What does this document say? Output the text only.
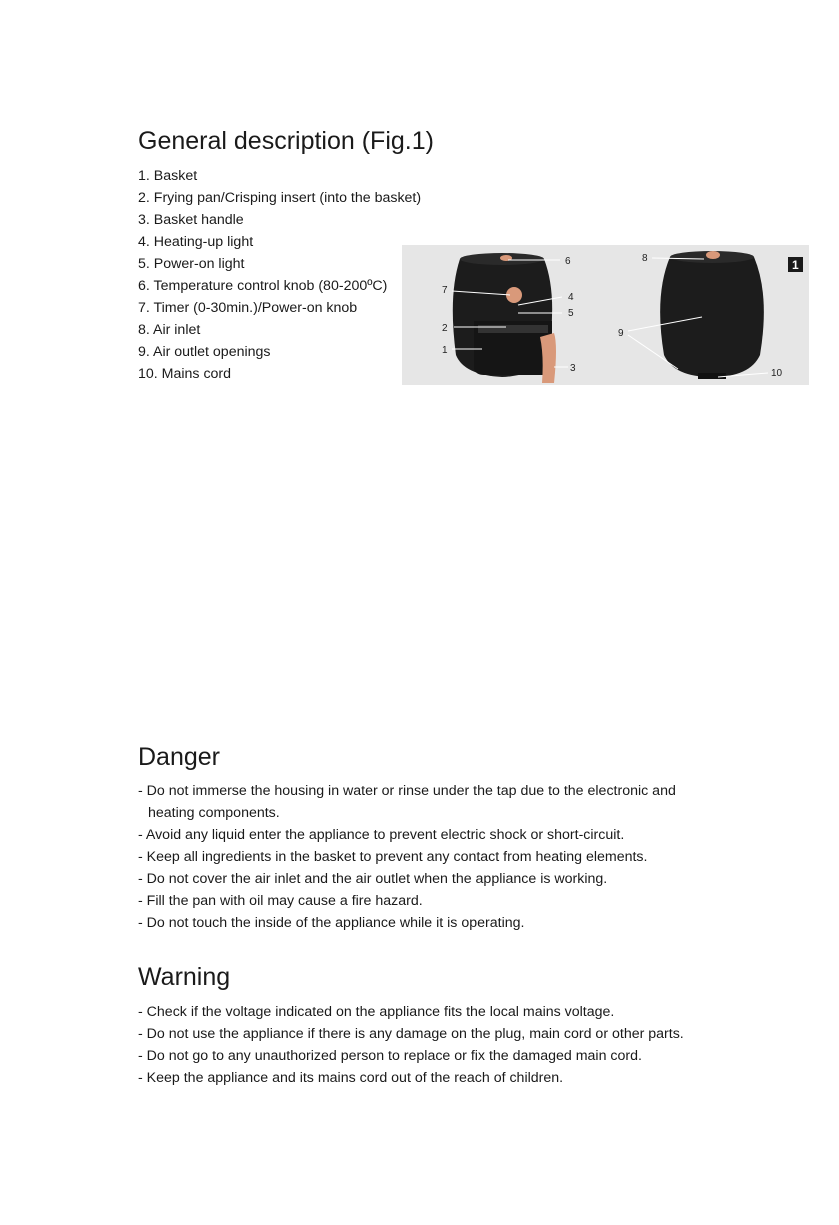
General description (Fig.1)
1. Basket
2. Frying pan/Crisping insert (into the basket)
3. Basket handle
4. Heating-up light
5. Power-on light
6. Temperature control knob (80-200ºC)
7. Timer (0-30min.)/Power-on knob
8. Air inlet
9. Air outlet openings
10. Mains cord
6
7
4
5
2
1
3
8
9
10
1
Danger
- Do not immerse the housing in water or rinse under the tap due to the electronic and
heating components.
- Avoid any liquid enter the appliance to prevent electric shock or short-circuit.
- Keep all ingredients in the basket to prevent any contact from heating elements.
- Do not cover the air inlet and the air outlet when the appliance is working.
- Fill the pan with oil may cause a fire hazard.
- Do not touch the inside of the appliance while it is operating.
Warning
- Check if the voltage indicated on the appliance fits the local mains voltage.
- Do not use the appliance if there is any damage on the plug, main cord or other parts.
- Do not go to any unauthorized person to replace or fix the damaged main cord.
- Keep the appliance and its mains cord out of the reach of children.
